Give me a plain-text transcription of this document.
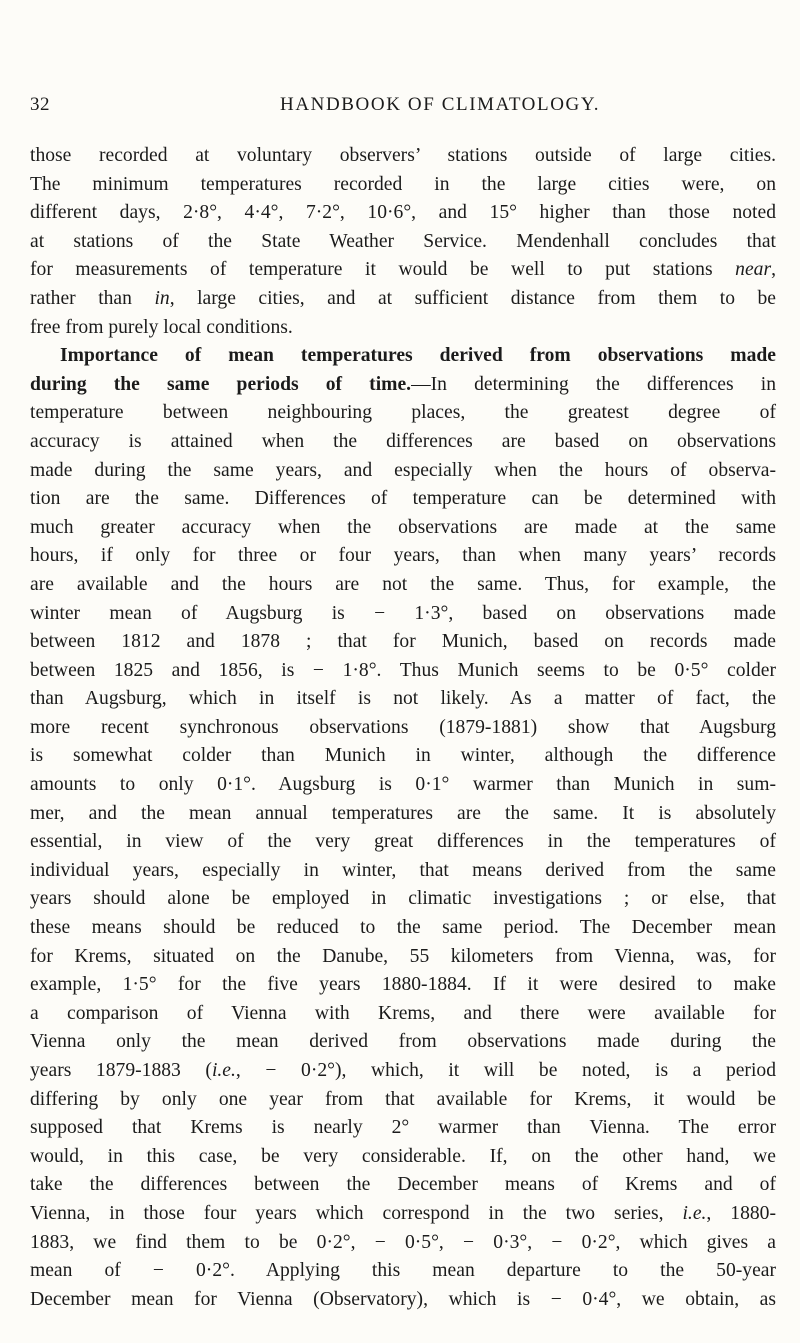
32	HANDBOOK OF CLIMATOLOGY.
those recorded at voluntary observers’ stations outside of large cities.
The minimum temperatures recorded in the large cities were, on
different days, 2·8°, 4·4°, 7·2°, 10·6°, and 15° higher than those noted
at stations of the State Weather Service. Mendenhall concludes that
for measurements of temperature it would be well to put stations near,
rather than in, large cities, and at sufficient distance from them to be
free from purely local conditions.
Importance of mean temperatures derived from observations made
during the same periods of time.—In determining the differences in
temperature between neighbouring places, the greatest degree of
accuracy is attained when the differences are based on observations
made during the same years, and especially when the hours of observa-
tion are the same. Differences of temperature can be determined with
much greater accuracy when the observations are made at the same
hours, if only for three or four years, than when many years’ records
are available and the hours are not the same. Thus, for example, the
winter mean of Augsburg is − 1·3°, based on observations made
between 1812 and 1878 ; that for Munich, based on records made
between 1825 and 1856, is − 1·8°. Thus Munich seems to be 0·5° colder
than Augsburg, which in itself is not likely. As a matter of fact, the
more recent synchronous observations (1879-1881) show that Augsburg
is somewhat colder than Munich in winter, although the difference
amounts to only 0·1°. Augsburg is 0·1° warmer than Munich in sum-
mer, and the mean annual temperatures are the same. It is absolutely
essential, in view of the very great differences in the temperatures of
individual years, especially in winter, that means derived from the same
years should alone be employed in climatic investigations ; or else, that
these means should be reduced to the same period. The December mean
for Krems, situated on the Danube, 55 kilometers from Vienna, was, for
example, 1·5° for the five years 1880-1884. If it were desired to make
a comparison of Vienna with Krems, and there were available for
Vienna only the mean derived from observations made during the
years 1879-1883 (i.e., − 0·2°), which, it will be noted, is a period
differing by only one year from that available for Krems, it would be
supposed that Krems is nearly 2° warmer than Vienna. The error
would, in this case, be very considerable. If, on the other hand, we
take the differences between the December means of Krems and of
Vienna, in those four years which correspond in the two series, i.e., 1880-
1883, we find them to be 0·2°, − 0·5°, − 0·3°, − 0·2°, which gives a
mean of − 0·2°. Applying this mean departure to the 50-year
December mean for Vienna (Observatory), which is − 0·4°, we obtain, as
